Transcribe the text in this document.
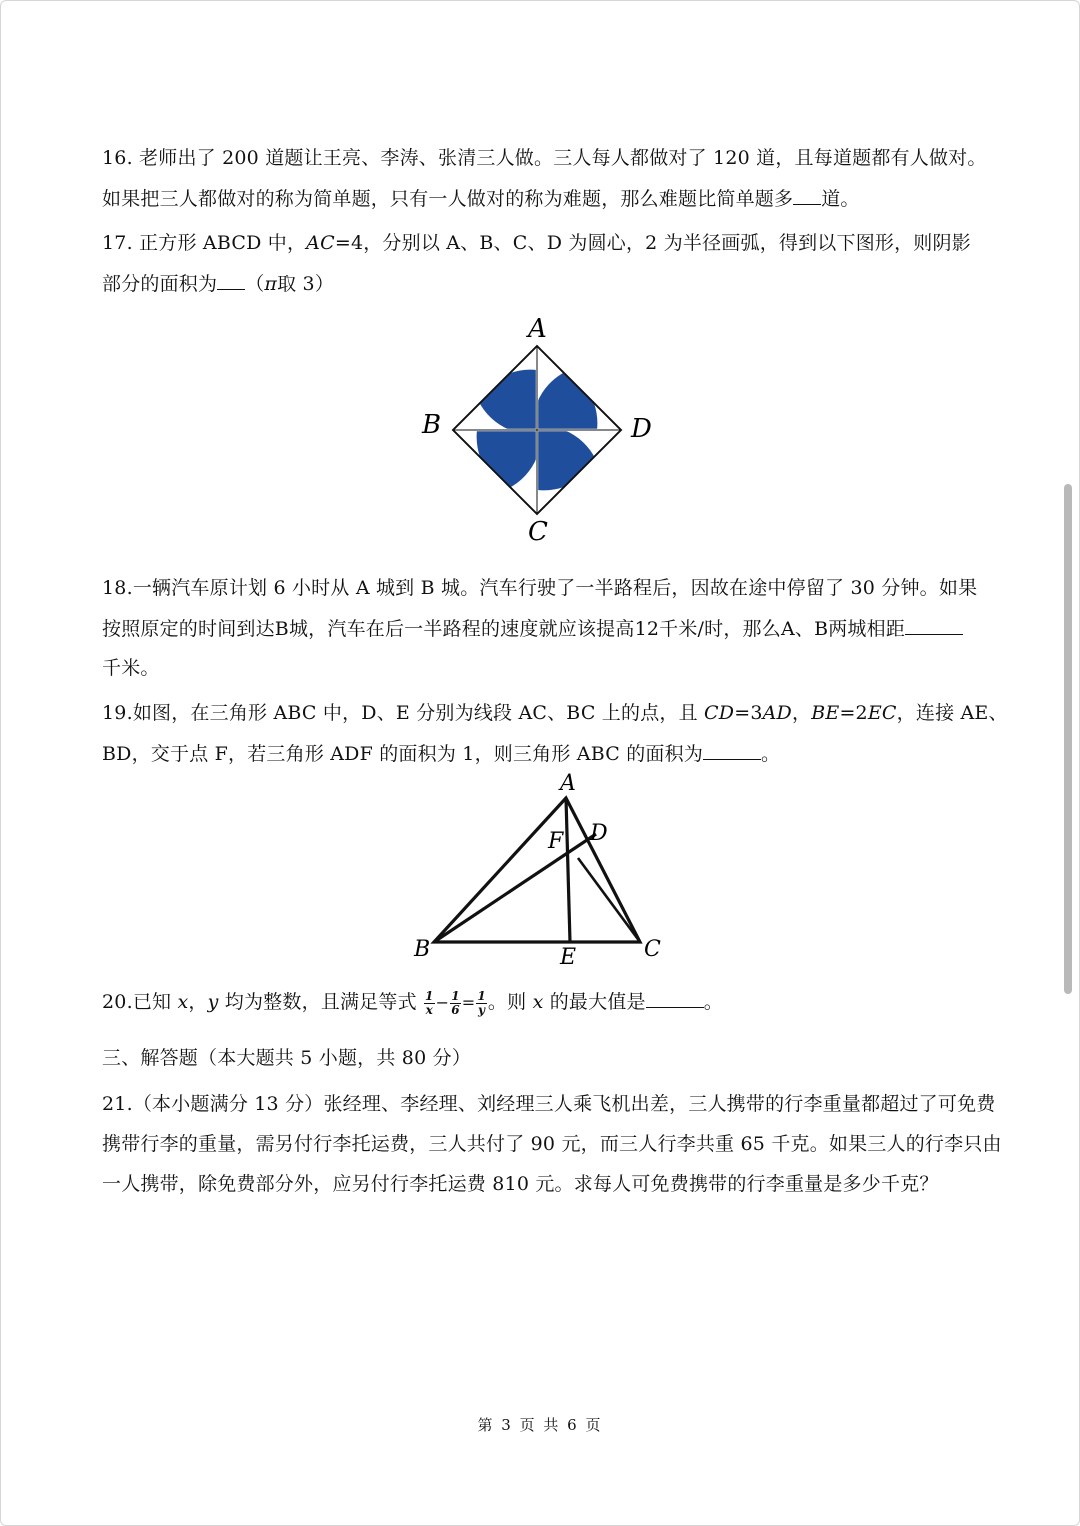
16. 老师出了 200 道题让王亮、李涛、张清三人做。三人每人都做对了 120 道，且每道题都有人做对。
如果把三人都做对的称为简单题，只有一人做对的称为难题，那么难题比简单题多 道。
17. 正方形 ABCD 中，AC=4，分别以 A、B、C、D 为圆心，2 为半径画弧，得到以下图形，则阴影
部分的面积为 （π取 3）
A
B	D
C
18.一辆汽车原计划 6 小时从 A 城到 B 城。汽车行驶了一半路程后，因故在途中停留了 30 分钟。如果
按照原定的时间到达B城，汽车在后一半路程的速度就应该提高12千米/时，那么A、B两城相距
千米。
19.如图，在三角形 ABC 中，D、E 分别为线段 AC、BC 上的点，且 CD=3AD，BE=2EC，连接 AE、
BD，交于点 F，若三角形 ADF 的面积为 1，则三角形 ABC 的面积为	。
A
B	C
D
E
F
20.已知 x，y 均为整数，且满足等式 $\frac{1}{x} - \frac{1}{6} = \frac{1}{y}$ 。则 x 的最大值是	。
三、解答题（本大题共 5 小题，共 80 分）
21.（本小题满分 13 分）张经理、李经理、刘经理三人乘飞机出差，三人携带的行李重量都超过了可免费
携带行李的重量，需另付行李托运费，三人共付了 90 元，而三人行李共重 65 千克。如果三人的行李只由
一人携带，除免费部分外，应另付行李托运费 810 元。求每人可免费携带的行李重量是多少千克？
第 3 页 共 6 页
